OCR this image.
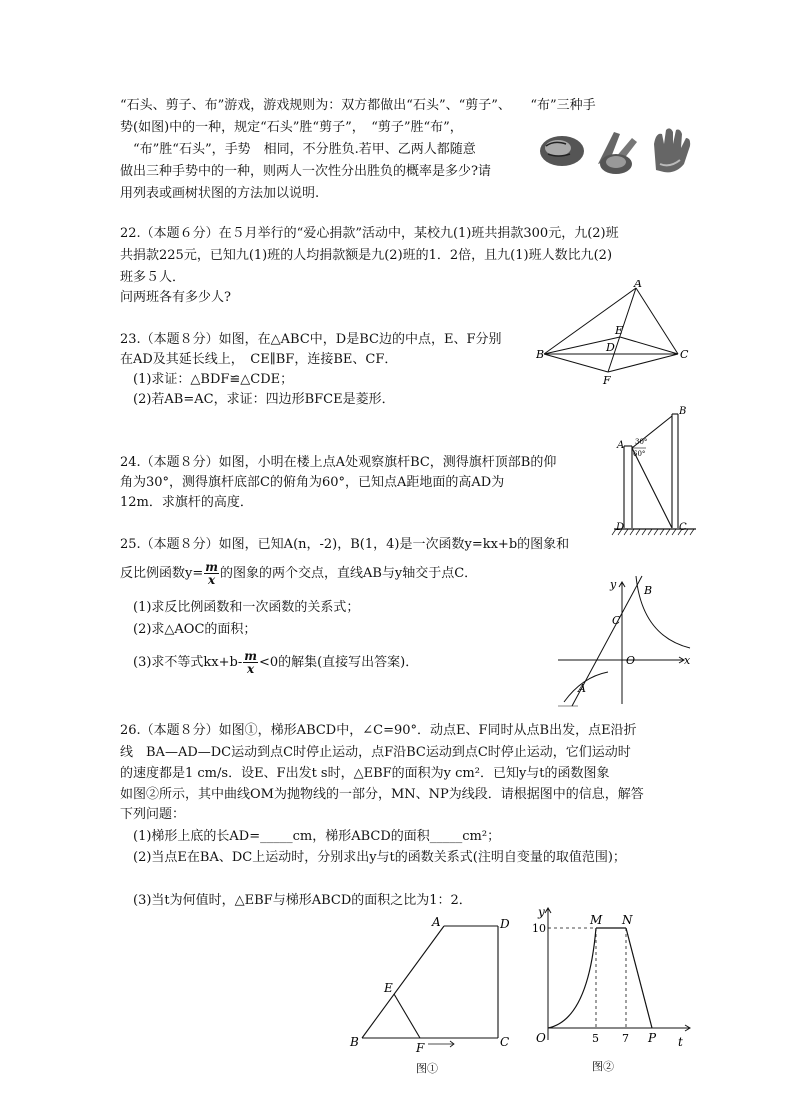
“石头、剪子、布”游戏，游戏规则为：双方都做出“石头”、“剪子”、　　“布”三种手
势(如图)中的一种，规定“石头”胜“剪子”，　“剪子”胜“布”，
　“布”胜“石头”，手势　相同，不分胜负.若甲、乙两人都随意
做出三种手势中的一种，则两人一次性分出胜负的概率是多少?请
用列表或画树状图的方法加以说明.
22.（本题６分）在５月举行的“爱心捐款”活动中，某校九(1)班共捐款300元，九(2)班
共捐款225元，已知九(1)班的人均捐款额是九(2)班的1．2倍，且九(1)班人数比九(2)
班多５人．
问两班各有多少人?
23.（本题８分）如图，在△ABC中，D是BC边的中点，E、F分别
在AD及其延长线上，　CE∥BF，连接BE、CF．
(1)求证：△BDF≌△CDE；
(2)若AB=AC，求证：四边形BFCE是菱形．
A
B	C
D
E
F
24.（本题８分）如图，小明在楼上点A处观察旗杆BC，测得旗杆顶部B的仰
角为30°，测得旗杆底部C的俯角为60°，已知点A距地面的高AD为
12m．求旗杆的高度．
A
B
C
D
30°
60°
25.（本题８分）如图，已知A(n，-2)，B(1，4)是一次函数y=kx+b的图象和
反比例函数$y= \frac{m}{x}$ 的图象的两个交点，直线AB与y轴交于点C．
(1)求反比例函数和一次函数的关系式；
(2)求△AOC的面积；
(3)求不等式$kx+b- \frac{m}{x} <0$的解集(直接写出答案)．
y
x
O
A
B
C
26.（本题８分）如图①，梯形ABCD中，∠C=90°．动点E、F同时从点B出发，点E沿折
线　BA—AD—DC运动到点C时停止运动，点F沿BC运动到点C时停止运动，它们运动时
的速度都是1 cm/s．设E、F出发t s时，△EBF的面积为y cm²．已知y与t的函数图象
如图②所示，其中曲线OM为抛物线的一部分，MN、NP为线段．请根据图中的信息，解答
下列问题：
(1)梯形上底的长AD=_____cm，梯形ABCD的面积_____cm²；
(2)当点E在BA、DC上运动时，分别求出y与t的函数关系式(注明自变量的取值范围)；
(3)当t为何值时，△EBF与梯形ABCD的面积之比为1：2．
A
B	C
D
E
F
图①
y
t
O
M N
P
10
5 7
图②
